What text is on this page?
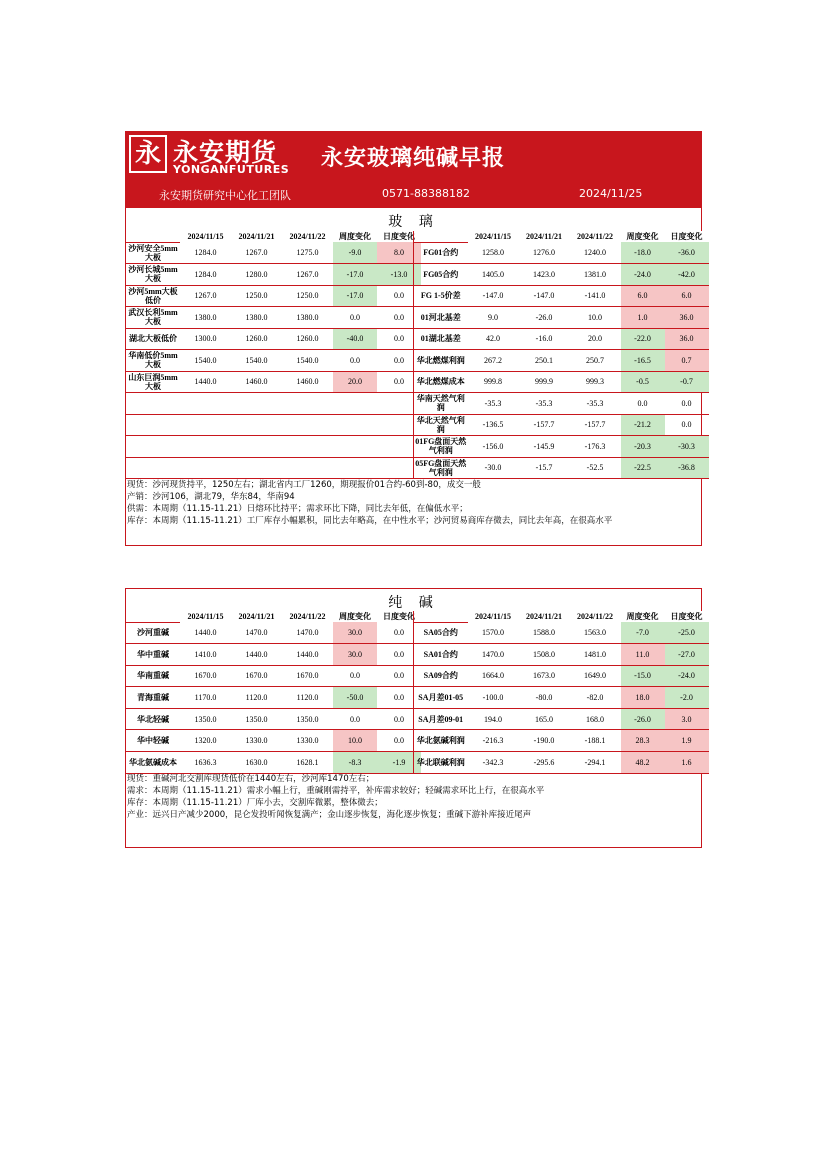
永 永安期货
YONGANFUTURES 永安玻璃纯碱早报
永安期货研究中心化工团队	0571-88388182	2024/11/25
玻 璃
	2024/11/15	2024/11/21	2024/11/22	周度变化	日度变化
沙河安全5mm大板	1284.0	1267.0	1275.0	-9.0	8.0
沙河长城5mm大板	1284.0	1280.0	1267.0	-17.0	-13.0
沙河5mm大板低价	1267.0	1250.0	1250.0	-17.0	0.0
武汉长利5mm大板	1380.0	1380.0	1380.0	0.0	0.0
湖北大板低价	1300.0	1260.0	1260.0	-40.0	0.0
华南低价5mm大板	1540.0	1540.0	1540.0	0.0	0.0
山东巨润5mm大板	1440.0	1460.0	1460.0	20.0	0.0

	2024/11/15	2024/11/21	2024/11/22	周度变化	日度变化
FG01合约	1258.0	1276.0	1240.0	-18.0	-36.0
FG05合约	1405.0	1423.0	1381.0	-24.0	-42.0
FG 1-5价差	-147.0	-147.0	-141.0	6.0	6.0
01河北基差	9.0	-26.0	10.0	1.0	36.0
01湖北基差	42.0	-16.0	20.0	-22.0	36.0
华北燃煤利润	267.2	250.1	250.7	-16.5	0.7
华北燃煤成本	999.8	999.9	999.3	-0.5	-0.7
华南天然气利润	-35.3	-35.3	-35.3	0.0	0.0
华北天然气利润	-136.5	-157.7	-157.7	-21.2	0.0
01FG盘面天然气利润	-156.0	-145.9	-176.3	-20.3	-30.3
05FG盘面天然气利润	-30.0	-15.7	-52.5	-22.5	-36.8
现货：沙河现货持平，1250左右；湖北省内工厂1260，期现报价01合约-60到-80，成交一般
产销：沙河106，湖北79，华东84，华南94
供需：本周期（11.15-11.21）日熔环比持平；需求环比下降，同比去年低，在偏低水平；
库存：本周期（11.15-11.21）工厂库存小幅累积，同比去年略高，在中性水平；沙河贸易商库存微去，同比去年高，在很高水平
纯 碱
	2024/11/15	2024/11/21	2024/11/22	周度变化	日度变化
沙河重碱	1440.0	1470.0	1470.0	30.0	0.0
华中重碱	1410.0	1440.0	1440.0	30.0	0.0
华南重碱	1670.0	1670.0	1670.0	0.0	0.0
青海重碱	1170.0	1120.0	1120.0	-50.0	0.0
华北轻碱	1350.0	1350.0	1350.0	0.0	0.0
华中轻碱	1320.0	1330.0	1330.0	10.0	0.0
华北氨碱成本	1636.3	1630.0	1628.1	-8.3	-1.9
	2024/11/15	2024/11/21	2024/11/22	周度变化	日度变化
SA05合约	1570.0	1588.0	1563.0	-7.0	-25.0
SA01合约	1470.0	1508.0	1481.0	11.0	-27.0
SA09合约	1664.0	1673.0	1649.0	-15.0	-24.0
SA月差01-05	-100.0	-80.0	-82.0	18.0	-2.0
SA月差09-01	194.0	165.0	168.0	-26.0	3.0
华北氨碱利润	-216.3	-190.0	-188.1	28.3	1.9
华北联碱利润	-342.3	-295.6	-294.1	48.2	1.6
现货：重碱河北交割库现货低价在1440左右，沙河库1470左右；
需求：本周期（11.15-11.21）需求小幅上行，重碱刚需持平，补库需求较好；轻碱需求环比上行，在很高水平
库存：本周期（11.15-11.21）厂库小去，交割库微累，整体微去；
产业：远兴日产减少2000，昆仑发投听闻恢复满产；金山逐步恢复，海化逐步恢复；重碱下游补库接近尾声
